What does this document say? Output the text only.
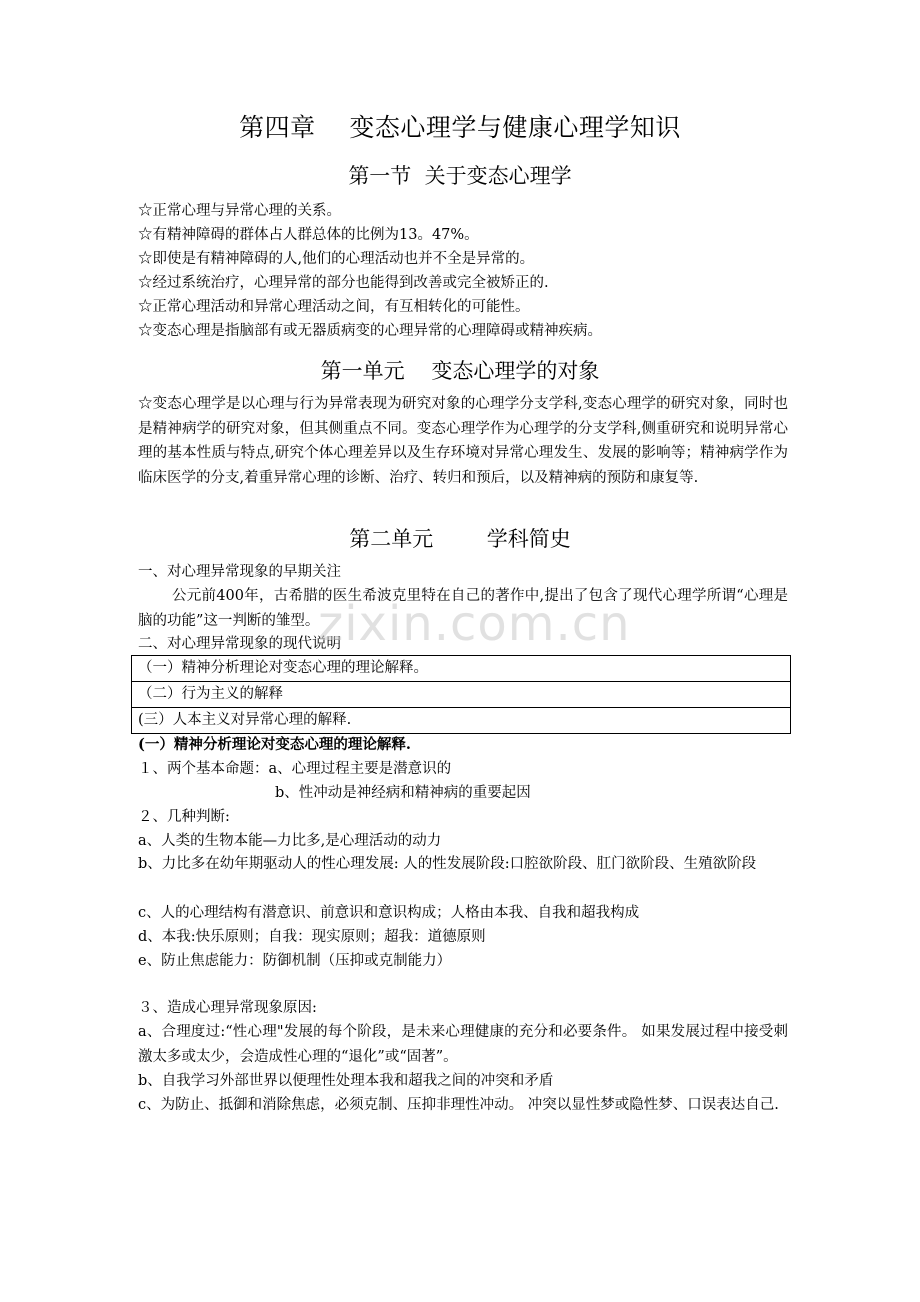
第四章    变态心理学与健康心理学知识
第一节  关于变态心理学
☆正常心理与异常心理的关系。
☆有精神障碍的群体占人群总体的比例为13。47%。
☆即使是有精神障碍的人,他们的心理活动也并不全是异常的。
☆经过系统治疗，心理异常的部分也能得到改善或完全被矫正的.
☆正常心理活动和异常心理活动之间，有互相转化的可能性。
☆变态心理是指脑部有或无器质病变的心理异常的心理障碍或精神疾病。
第一单元    变态心理学的对象
☆变态心理学是以心理与行为异常表现为研究对象的心理学分支学科,变态心理学的研究对象，同时也是精神病学的研究对象，但其侧重点不同。变态心理学作为心理学的分支学科,侧重研究和说明异常心理的基本性质与特点,研究个体心理差异以及生存环境对异常心理发生、发展的影响等；精神病学作为临床医学的分支,着重异常心理的诊断、治疗、转归和预后，以及精神病的预防和康复等.
第二单元        学科简史
一、对心理异常现象的早期关注
公元前400年，古希腊的医生希波克里特在自己的著作中,提出了包含了现代心理学所谓“心理是脑的功能”这一判断的雏型。
二、对心理异常现象的现代说明
zixin.com.cn
（一）精神分析理论对变态心理的理论解释。
（二）行为主义的解释
(三）人本主义对异常心理的解释.
(一）精神分析理论对变态心理的理论解释.
１、两个基本命题：a、心理过程主要是潜意识的
b、性冲动是神经病和精神病的重要起因
２、几种判断:
a、人类的生物本能—力比多,是心理活动的动力
b、力比多在幼年期驱动人的性心理发展: 人的性发展阶段:口腔欲阶段、肛门欲阶段、生殖欲阶段
c、人的心理结构有潜意识、前意识和意识构成；人格由本我、自我和超我构成
d、本我:快乐原则；自我：现实原则；超我：道德原则
e、防止焦虑能力：防御机制（压抑或克制能力）
３、造成心理异常现象原因:
a、合理度过:“性心理"发展的每个阶段，是未来心理健康的充分和必要条件。 如果发展过程中接受刺激太多或太少，会造成性心理的“退化”或“固著”。
b、自我学习外部世界以便理性处理本我和超我之间的冲突和矛盾
c、为防止、抵御和消除焦虑，必须克制、压抑非理性冲动。 冲突以显性梦或隐性梦、口误表达自己.
